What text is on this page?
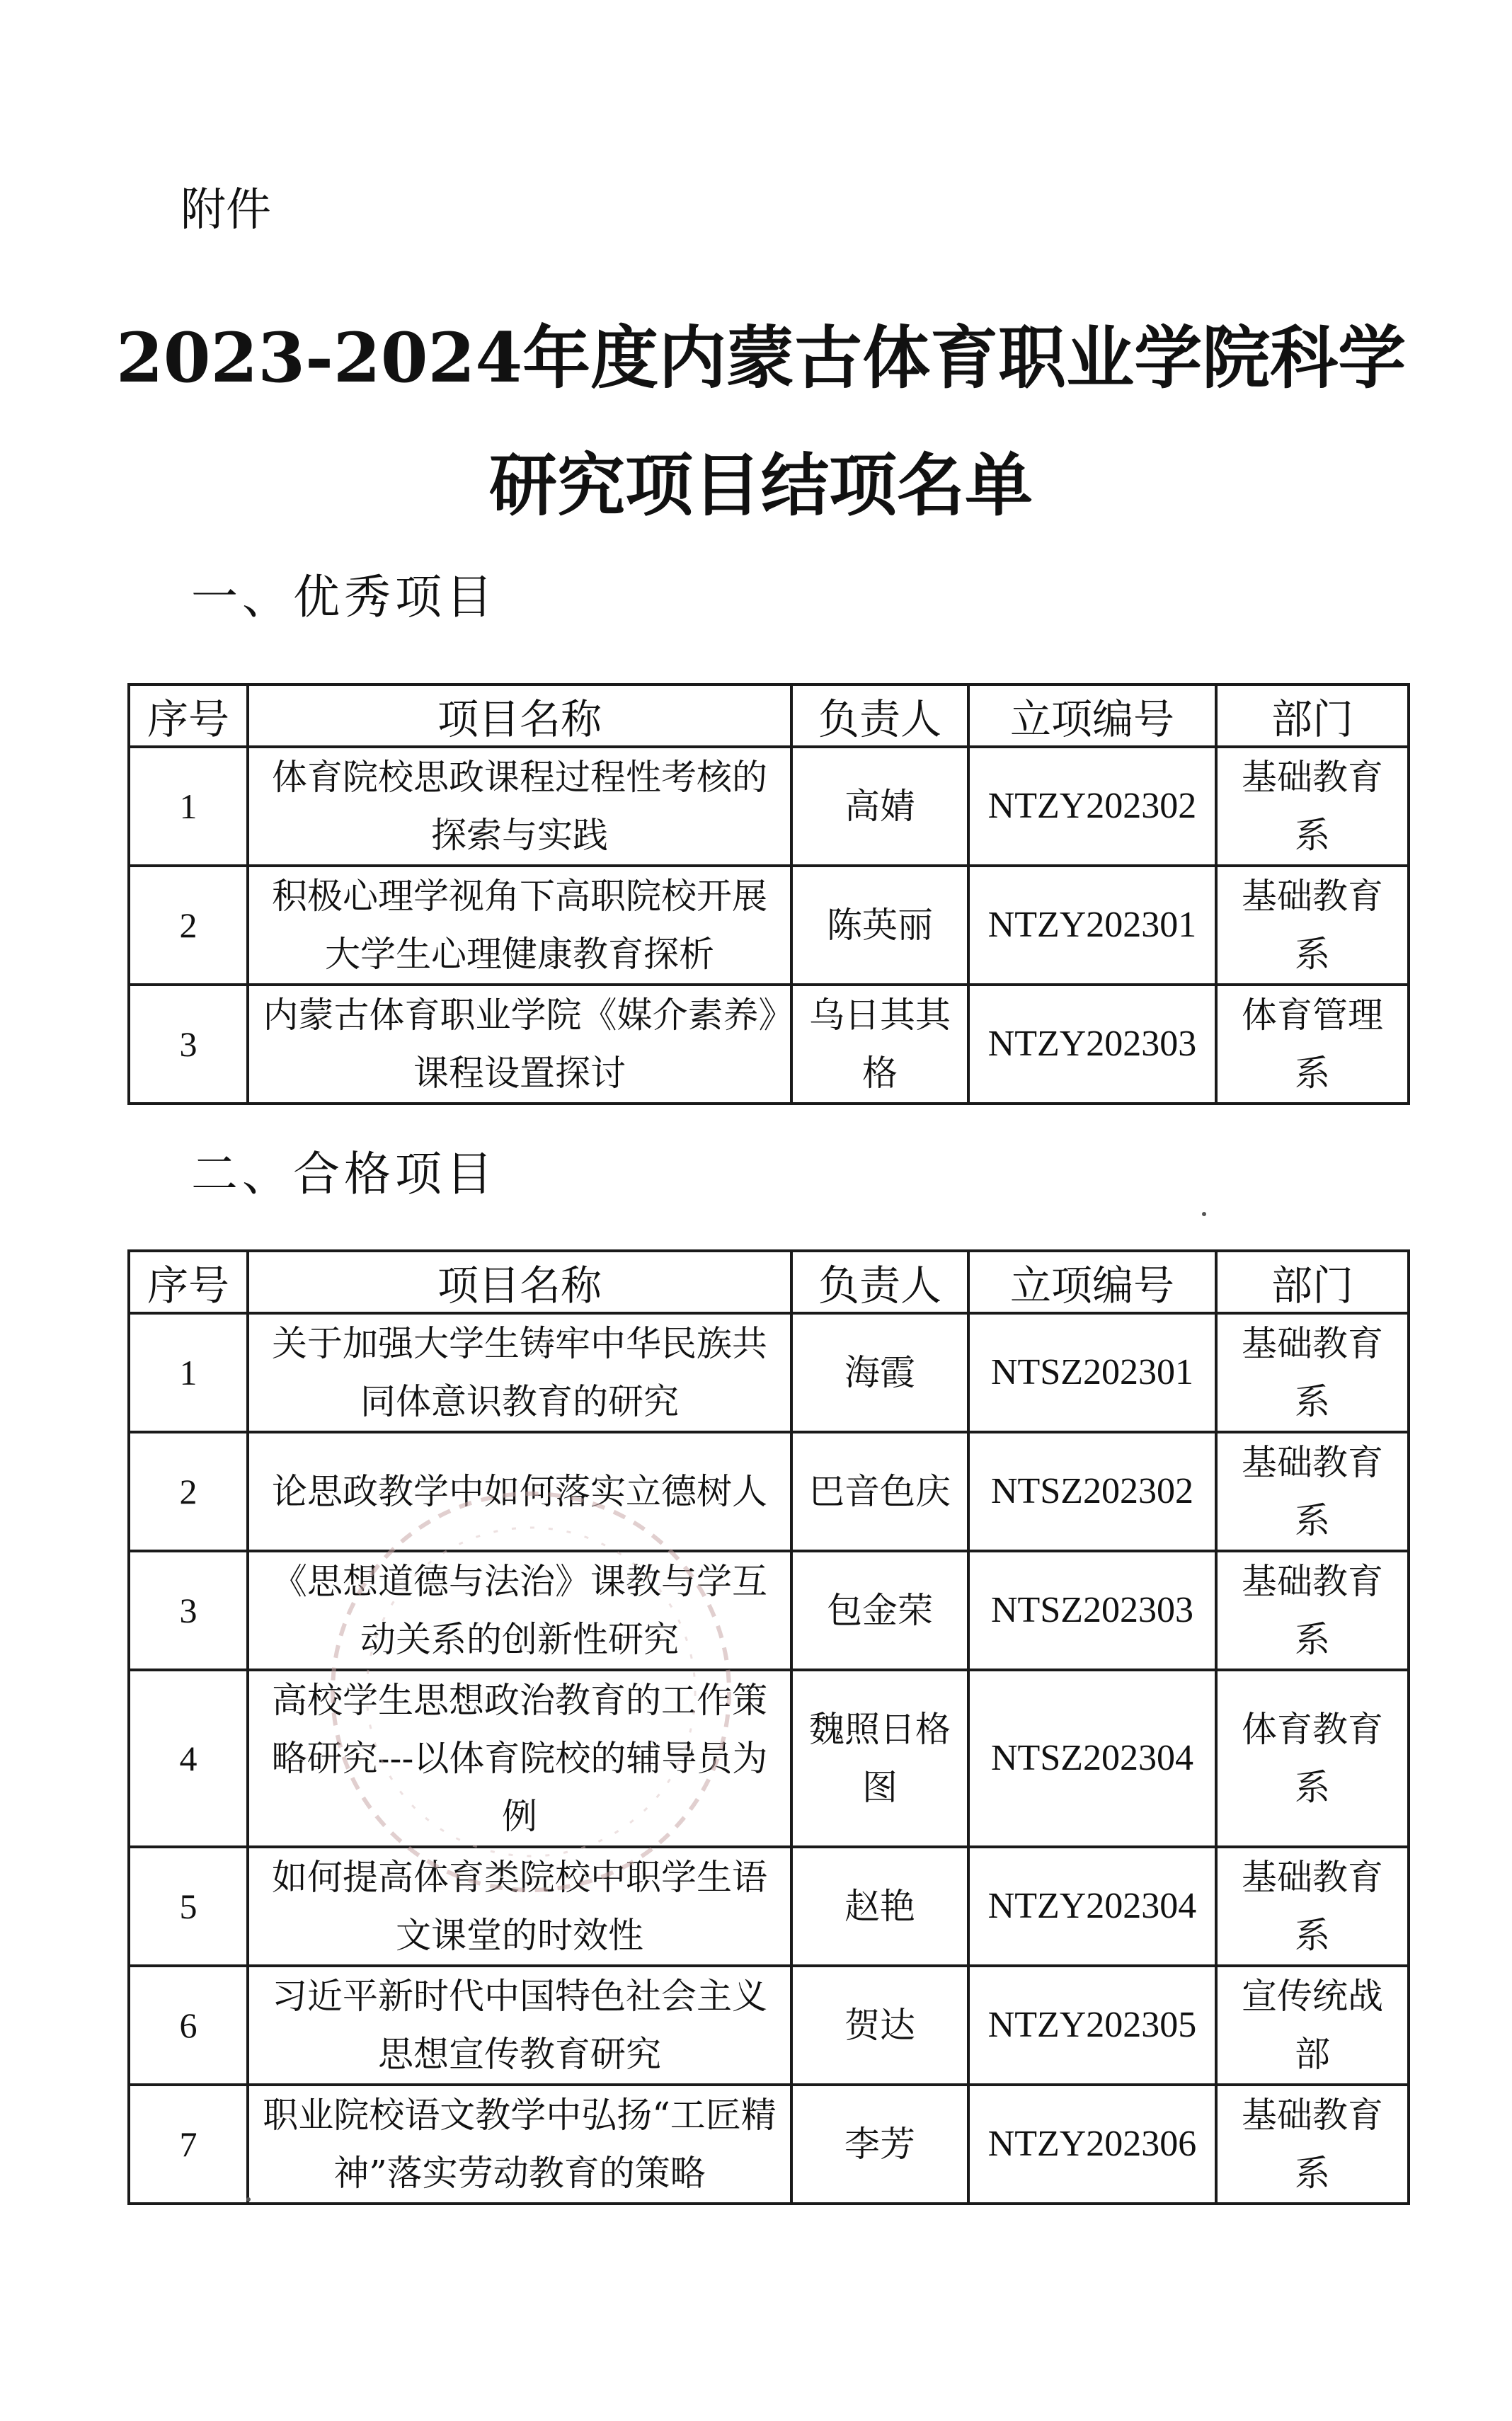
附件
2023-2024年度内蒙古体育职业学院科学
研究项目结项名单
一、优秀项目
序号	项目名称	负责人	立项编号	部门
1	体育院校思政课程过程性考核的探索与实践	高婧	NTZY202302	基础教育系
2	积极心理学视角下高职院校开展大学生心理健康教育探析	陈英丽	NTZY202301	基础教育系
3	内蒙古体育职业学院《媒介素养》课程设置探讨	乌日其其格	NTZY202303	体育管理系
二、合格项目
序号	项目名称	负责人	立项编号	部门
1	关于加强大学生铸牢中华民族共同体意识教育的研究	海霞	NTSZ202301	基础教育系
2	论思政教学中如何落实立德树人	巴音色庆	NTSZ202302	基础教育系
3	《思想道德与法治》课教与学互动关系的创新性研究	包金荣	NTSZ202303	基础教育系
4	高校学生思想政治教育的工作策略研究---以体育院校的辅导员为例	魏照日格图	NTSZ202304	体育教育系
5	如何提高体育类院校中职学生语文课堂的时效性	赵艳	NTZY202304	基础教育系
6	习近平新时代中国特色社会主义思想宣传教育研究	贺达	NTZY202305	宣传统战部
7	职业院校语文教学中弘扬“工匠精神”落实劳动教育的策略	李芳	NTZY202306	基础教育系
